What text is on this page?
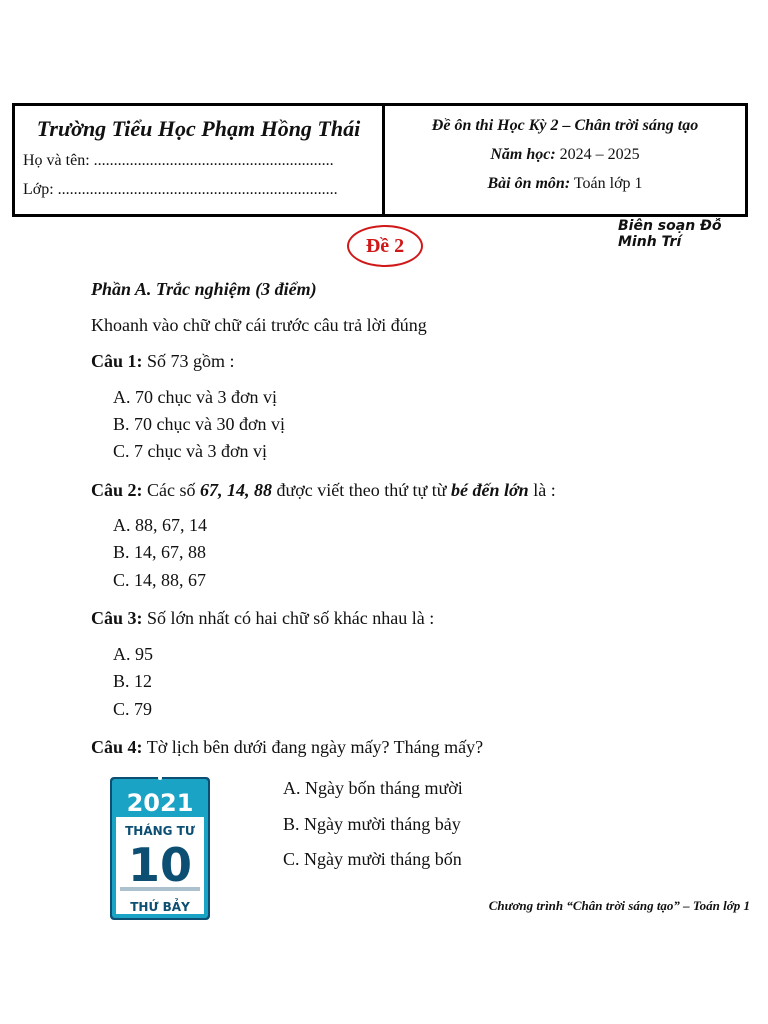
Trường Tiểu Học Phạm Hồng Thái
Họ và tên: ............................................................
Lớp: ......................................................................
Đề ôn thi Học Kỳ 2 – Chân trời sáng tạo
Năm học: 2024 – 2025
Bài ôn môn: Toán lớp 1
Biên soạn Đỗ Minh Trí
Đề 2
Phần A. Trắc nghiệm (3 điểm)
Khoanh vào chữ chữ cái trước câu trả lời đúng
Câu 1: Số 73 gồm :
A. 70 chục và 3 đơn vị
B. 70 chục và 30 đơn vị
C. 7 chục và 3 đơn vị
Câu 2: Các số 67, 14, 88 được viết theo thứ tự từ bé đến lớn là :
A. 88, 67, 14
B. 14, 67, 88
C. 14, 88, 67
Câu 3: Số lớn nhất có hai chữ số khác nhau là :
A. 95
B. 12
C. 79
Câu 4: Tờ lịch bên dưới đang ngày mấy? Tháng mấy?
2021
THÁNG TƯ
10
THỨ BẢY
A. Ngày bốn tháng mười
B. Ngày mười tháng bảy
C. Ngày mười tháng bốn
Chương trình “Chân trời sáng tạo” – Toán lớp 1
